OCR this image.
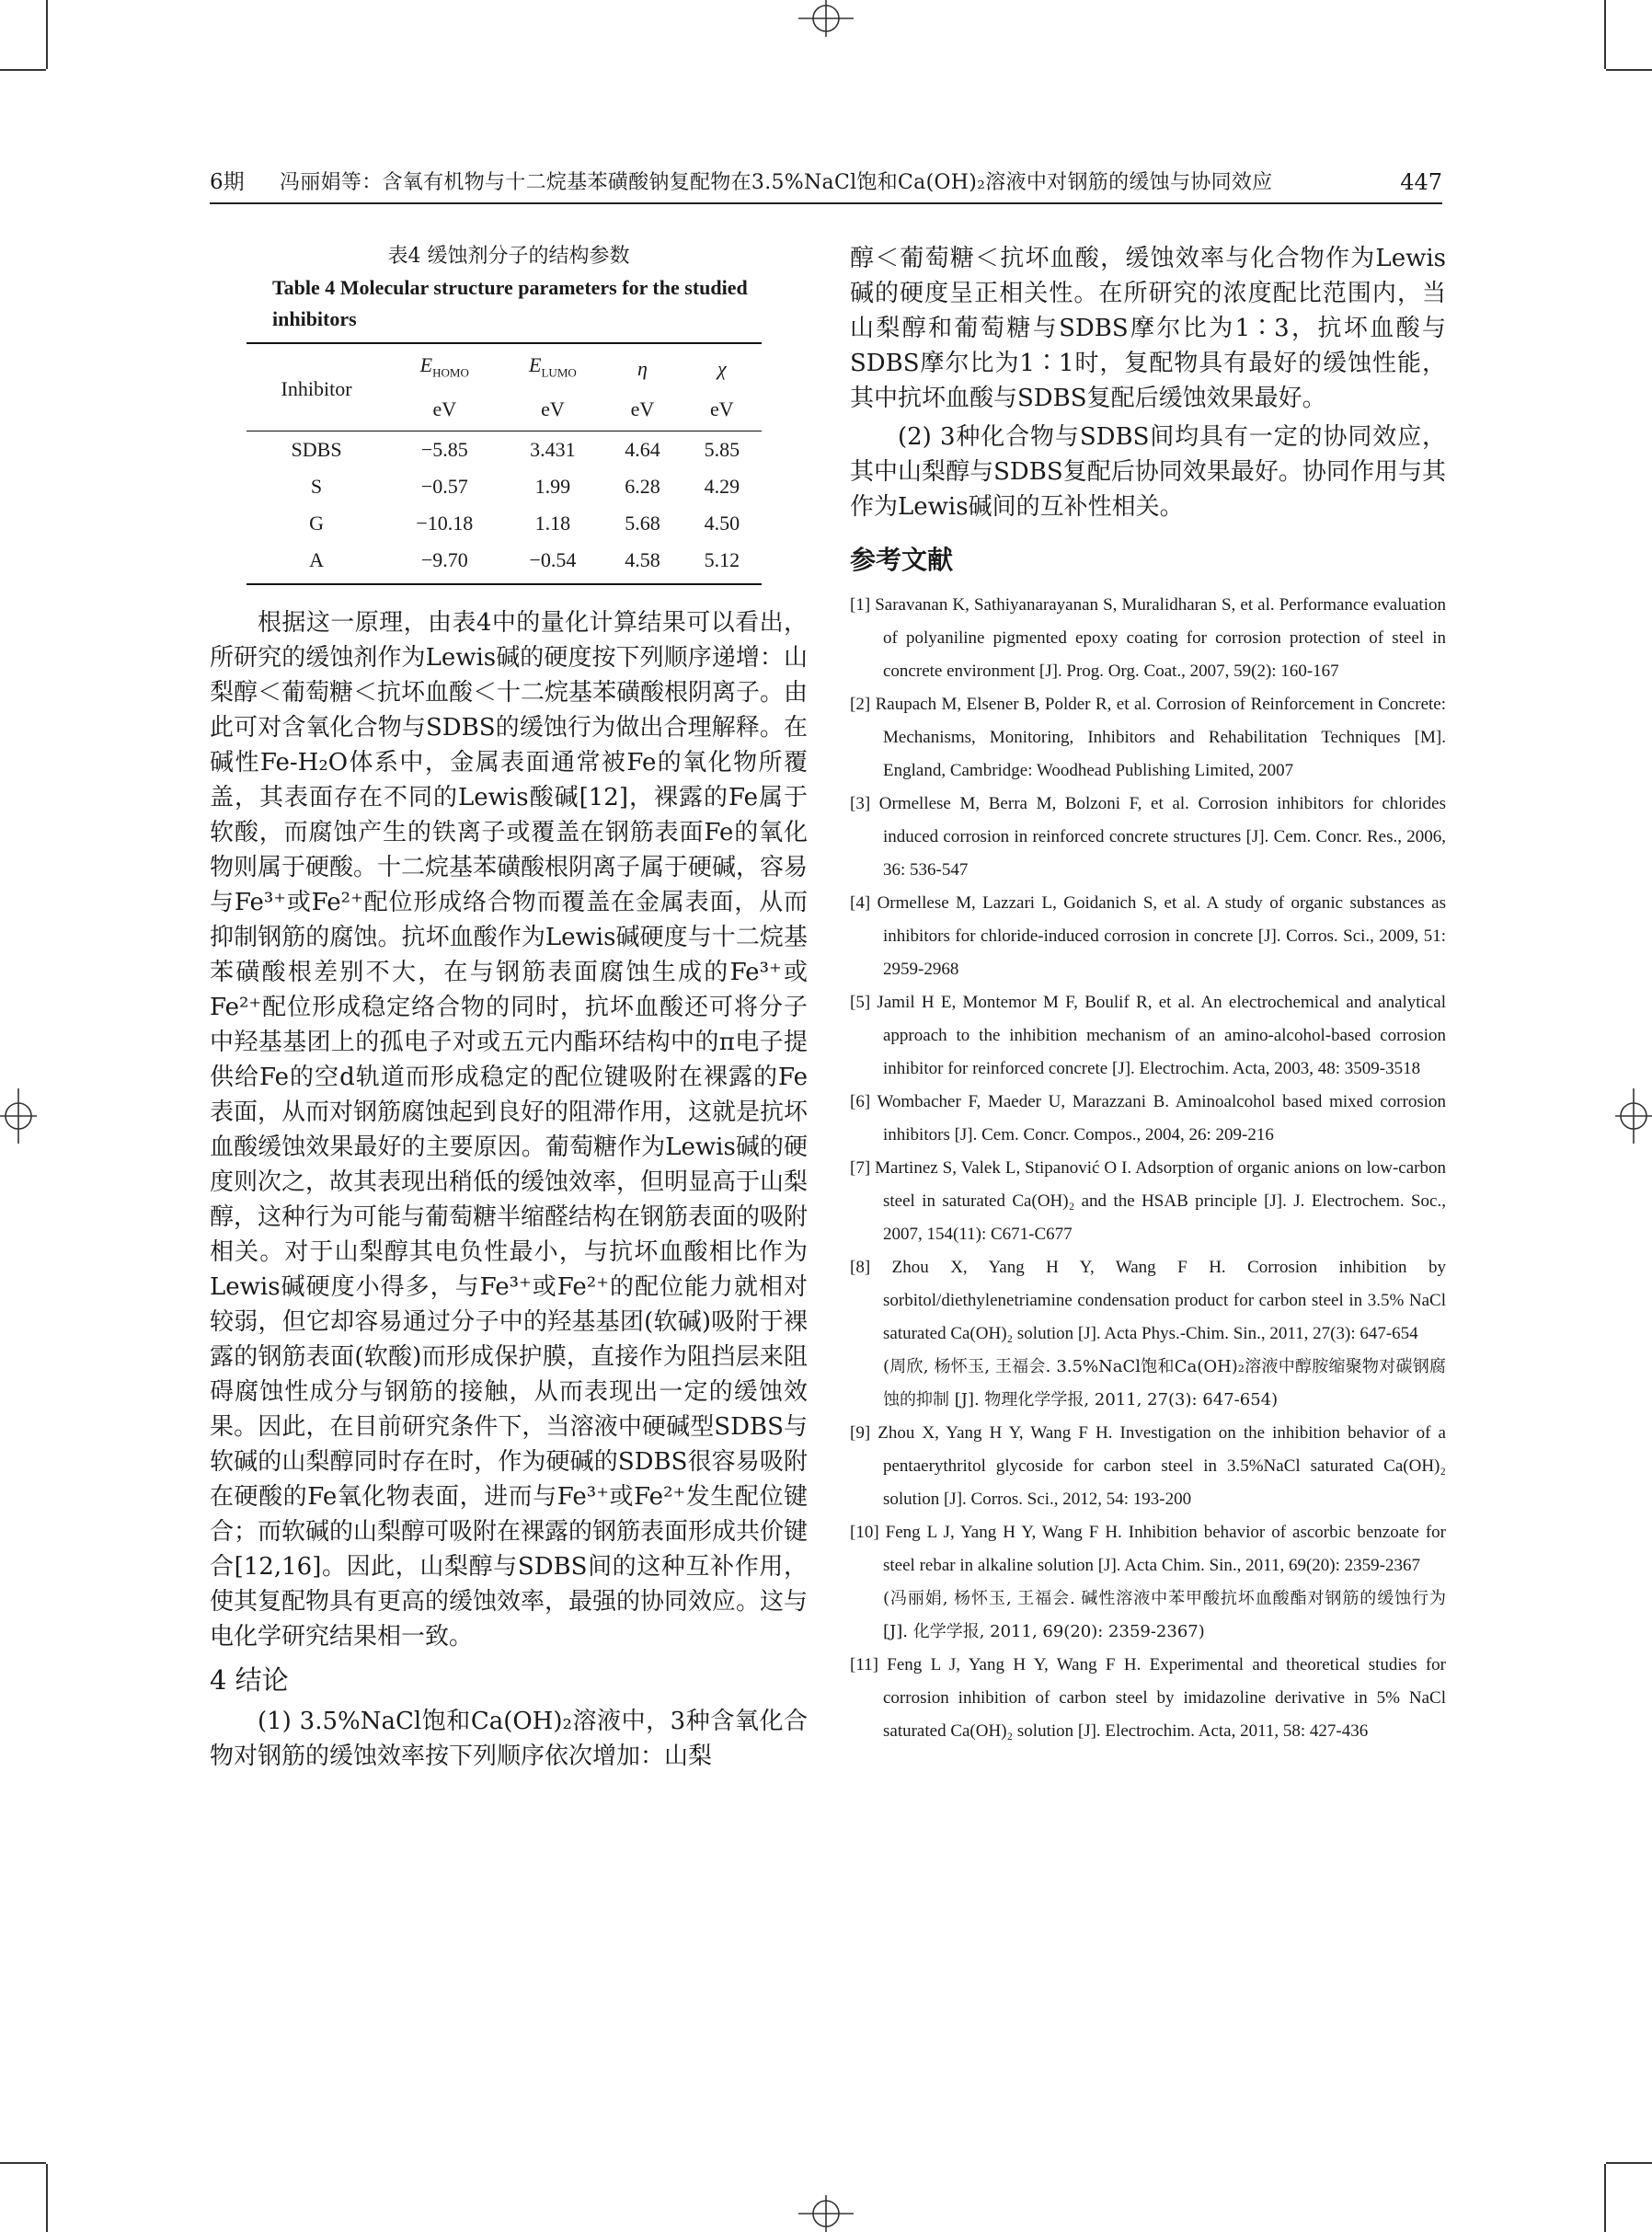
6期	冯丽娟等：含氧有机物与十二烷基苯磺酸钠复配物在3.5%NaCl饱和Ca(OH)₂溶液中对钢筋的缓蚀与协同效应	447
表4 缓蚀剂分子的结构参数
Table 4 Molecular structure parameters for the studied inhibitors
Inhibitor	$E_{HOMO}$	$E_{LUMO}$	η	χ
	eV	eV	eV	eV
SDBS	−5.85	3.431	4.64	5.85
S	−0.57	1.99	6.28	4.29
G	−10.18	1.18	5.68	4.50
A	−9.70	−0.54	4.58	5.12

根据这一原理，由表4中的量化计算结果可以看出，所研究的缓蚀剂作为Lewis碱的硬度按下列顺序递增：山梨醇＜葡萄糖＜抗坏血酸＜十二烷基苯磺酸根阴离子。由此可对含氧化合物与SDBS的缓蚀行为做出合理解释。在碱性Fe-H₂O体系中，金属表面通常被Fe的氧化物所覆盖，其表面存在不同的Lewis酸碱[12]，裸露的Fe属于软酸，而腐蚀产生的铁离子或覆盖在钢筋表面Fe的氧化物则属于硬酸。十二烷基苯磺酸根阴离子属于硬碱，容易与Fe³⁺或Fe²⁺配位形成络合物而覆盖在金属表面，从而抑制钢筋的腐蚀。抗坏血酸作为Lewis碱硬度与十二烷基苯磺酸根差别不大，在与钢筋表面腐蚀生成的Fe³⁺或Fe²⁺配位形成稳定络合物的同时，抗坏血酸还可将分子中羟基基团上的孤电子对或五元内酯环结构中的π电子提供给Fe的空d轨道而形成稳定的配位键吸附在裸露的Fe表面，从而对钢筋腐蚀起到良好的阻滞作用，这就是抗坏血酸缓蚀效果最好的主要原因。葡萄糖作为Lewis碱的硬度则次之，故其表现出稍低的缓蚀效率，但明显高于山梨醇，这种行为可能与葡萄糖半缩醛结构在钢筋表面的吸附相关。对于山梨醇其电负性最小，与抗坏血酸相比作为Lewis碱硬度小得多，与Fe³⁺或Fe²⁺的配位能力就相对较弱，但它却容易通过分子中的羟基基团(软碱)吸附于裸露的钢筋表面(软酸)而形成保护膜，直接作为阻挡层来阻碍腐蚀性成分与钢筋的接触，从而表现出一定的缓蚀效果。因此，在目前研究条件下，当溶液中硬碱型SDBS与软碱的山梨醇同时存在时，作为硬碱的SDBS很容易吸附在硬酸的Fe氧化物表面，进而与Fe³⁺或Fe²⁺发生配位键合；而软碱的山梨醇可吸附在裸露的钢筋表面形成共价键合[12,16]。因此，山梨醇与SDBS间的这种互补作用，使其复配物具有更高的缓蚀效率，最强的协同效应。这与电化学研究结果相一致。

4 结论

(1) 3.5%NaCl饱和Ca(OH)₂溶液中，3种含氧化合物对钢筋的缓蚀效率按下列顺序依次增加：山梨

醇＜葡萄糖＜抗坏血酸，缓蚀效率与化合物作为Lewis碱的硬度呈正相关性。在所研究的浓度配比范围内，当山梨醇和葡萄糖与SDBS摩尔比为1∶3，抗坏血酸与SDBS摩尔比为1∶1时，复配物具有最好的缓蚀性能，其中抗坏血酸与SDBS复配后缓蚀效果最好。

(2) 3种化合物与SDBS间均具有一定的协同效应，其中山梨醇与SDBS复配后协同效果最好。协同作用与其作为Lewis碱间的互补性相关。

参考文献

[1] Saravanan K, Sathiyanarayanan S, Muralidharan S, et al. Performance evaluation of polyaniline pigmented epoxy coating for corrosion protection of steel in concrete environment [J]. Prog. Org. Coat., 2007, 59(2): 160-167

[2] Raupach M, Elsener B, Polder R, et al. Corrosion of Reinforcement in Concrete: Mechanisms, Monitoring, Inhibitors and Rehabilitation Techniques [M]. England, Cambridge: Woodhead Publishing Limited, 2007

[3] Ormellese M, Berra M, Bolzoni F, et al. Corrosion inhibitors for chlorides induced corrosion in reinforced concrete structures [J]. Cem. Concr. Res., 2006, 36: 536-547

[4] Ormellese M, Lazzari L, Goidanich S, et al. A study of organic substances as inhibitors for chloride-induced corrosion in concrete [J]. Corros. Sci., 2009, 51: 2959-2968

[5] Jamil H E, Montemor M F, Boulif R, et al. An electrochemical and analytical approach to the inhibition mechanism of an amino-alcohol-based corrosion inhibitor for reinforced concrete [J]. Electrochim. Acta, 2003, 48: 3509-3518

[6] Wombacher F, Maeder U, Marazzani B. Aminoalcohol based mixed corrosion inhibitors [J]. Cem. Concr. Compos., 2004, 26: 209-216

[7] Martinez S, Valek L, Stipanović O I. Adsorption of organic anions on low-carbon steel in saturated Ca(OH)₂ and the HSAB principle [J]. J. Electrochem. Soc., 2007, 154(11): C671-C677

[8] Zhou X, Yang H Y, Wang F H. Corrosion inhibition by sorbitol/diethylenetriamine condensation product for carbon steel in 3.5% NaCl saturated Ca(OH)₂ solution [J]. Acta Phys.-Chim. Sin., 2011, 27(3): 647-654
(周欣, 杨怀玉, 王福会. 3.5%NaCl饱和Ca(OH)₂溶液中醇胺缩聚物对碳钢腐蚀的抑制 [J]. 物理化学学报, 2011, 27(3): 647-654)

[9] Zhou X, Yang H Y, Wang F H. Investigation on the inhibition behavior of a pentaerythritol glycoside for carbon steel in 3.5%NaCl saturated Ca(OH)₂ solution [J]. Corros. Sci., 2012, 54: 193-200

[10] Feng L J, Yang H Y, Wang F H. Inhibition behavior of ascorbic benzoate for steel rebar in alkaline solution [J]. Acta Chim. Sin., 2011, 69(20): 2359-2367
(冯丽娟, 杨怀玉, 王福会. 碱性溶液中苯甲酸抗坏血酸酯对钢筋的缓蚀行为 [J]. 化学学报, 2011, 69(20): 2359-2367)

[11] Feng L J, Yang H Y, Wang F H. Experimental and theoretical studies for corrosion inhibition of carbon steel by imidazoline derivative in 5% NaCl saturated Ca(OH)₂ solution [J]. Electrochim. Acta, 2011, 58: 427-436
